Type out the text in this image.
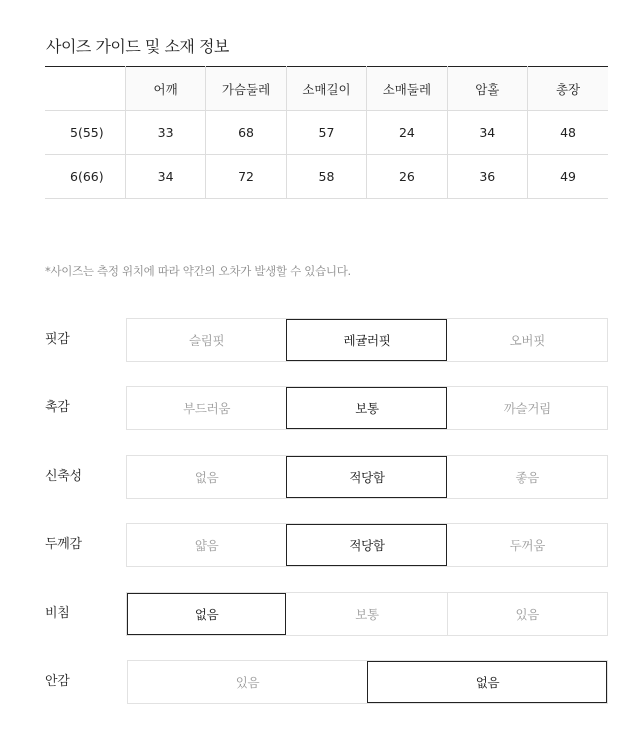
사이즈 가이드 및 소재 정보
	어깨	가슴둘레	소매길이	소매둘레	암홀	총장
5(55)	33	68	57	24	34	48
6(66)	34	72	58	26	36	49
*사이즈는 측정 위치에 따라 약간의 오차가 발생할 수 있습니다.
핏감	슬림핏	레귤러핏	오버핏
촉감	부드러움	보통	까슬거림
신축성	없음	적당함	좋음
두께감	얇음	적당함	두꺼움
비침	없음	보통	있음
안감	있음	없음
